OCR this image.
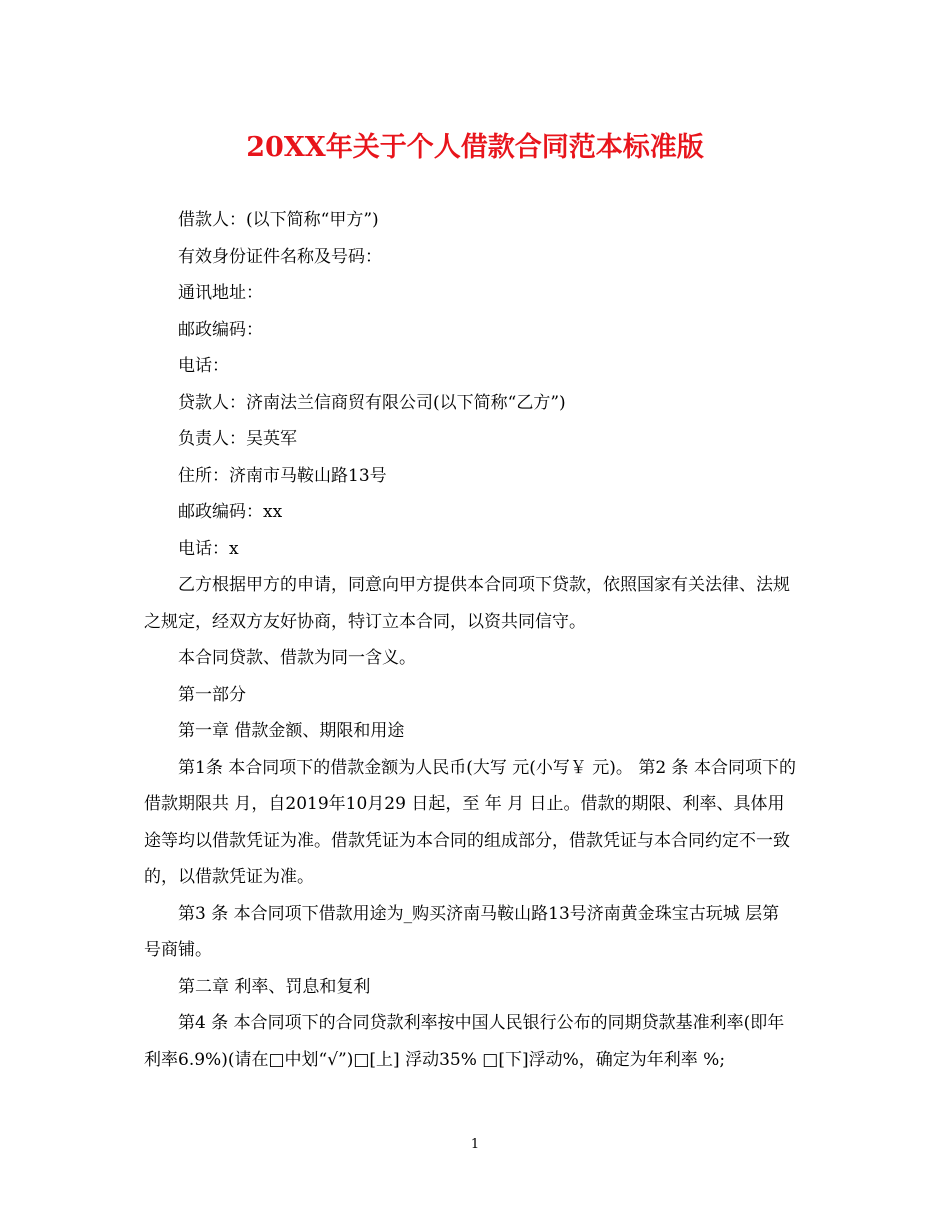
20XX年关于个人借款合同范本标准版

借款人：(以下简称“甲方”)

有效身份证件名称及号码：

通讯地址：

邮政编码：

电话：

贷款人：济南法兰信商贸有限公司(以下简称“乙方”)

负责人：吴英军

住所：济南市马鞍山路13号

邮政编码：xx

电话：x

乙方根据甲方的申请，同意向甲方提供本合同项下贷款，依照国家有关法律、法规之规定，经双方友好协商，特订立本合同，以资共同信守。

本合同贷款、借款为同一含义。

第一部分

第一章 借款金额、期限和用途

第1条 本合同项下的借款金额为人民币(大写 元(小写￥ 元)。 第2 条 本合同项下的借款期限共 月，自2019年10月29 日起，至 年 月 日止。借款的期限、利率、具体用途等均以借款凭证为准。借款凭证为本合同的组成部分，借款凭证与本合同约定不一致的，以借款凭证为准。

第3 条 本合同项下借款用途为_购买济南马鞍山路13号济南黄金珠宝古玩城 层第 号商铺。

第二章 利率、罚息和复利

第4 条 本合同项下的合同贷款利率按中国人民银行公布的同期贷款基准利率(即年利率6.9%)(请在□中划“√”)□[上] 浮动35% □[下]浮动%，确定为年利率 %;

1
